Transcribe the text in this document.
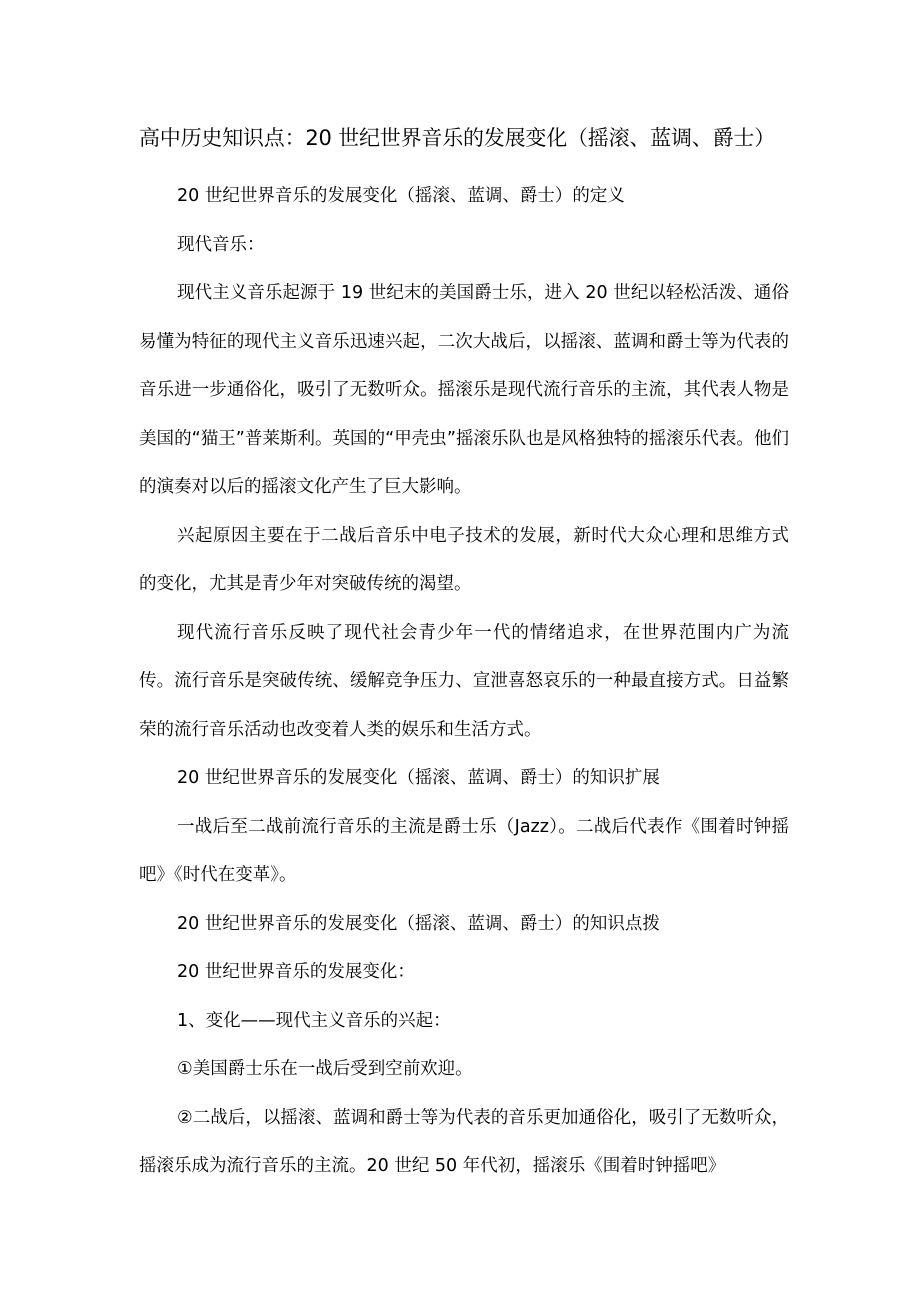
高中历史知识点：20 世纪世界音乐的发展变化（摇滚、蓝调、爵士）

20 世纪世界音乐的发展变化（摇滚、蓝调、爵士）的定义

现代音乐：

现代主义音乐起源于 19 世纪末的美国爵士乐，进入 20 世纪以轻松活泼、通俗易懂为特征的现代主义音乐迅速兴起，二次大战后，以摇滚、蓝调和爵士等为代表的音乐进一步通俗化，吸引了无数听众。摇滚乐是现代流行音乐的主流，其代表人物是美国的“猫王”普莱斯利。英国的“甲壳虫”摇滚乐队也是风格独特的摇滚乐代表。他们的演奏对以后的摇滚文化产生了巨大影响。

兴起原因主要在于二战后音乐中电子技术的发展，新时代大众心理和思维方式的变化，尤其是青少年对突破传统的渴望。

现代流行音乐反映了现代社会青少年一代的情绪追求，在世界范围内广为流传。流行音乐是突破传统、缓解竞争压力、宣泄喜怒哀乐的一种最直接方式。日益繁荣的流行音乐活动也改变着人类的娱乐和生活方式。

20 世纪世界音乐的发展变化（摇滚、蓝调、爵士）的知识扩展

一战后至二战前流行音乐的主流是爵士乐（Jazz）。二战后代表作《围着时钟摇吧》《时代在变革》。

20 世纪世界音乐的发展变化（摇滚、蓝调、爵士）的知识点拨

20 世纪世界音乐的发展变化：

1、变化——现代主义音乐的兴起：

①美国爵士乐在一战后受到空前欢迎。

②二战后，以摇滚、蓝调和爵士等为代表的音乐更加通俗化，吸引了无数听众，摇滚乐成为流行音乐的主流。20 世纪 50 年代初，摇滚乐《围着时钟摇吧》
